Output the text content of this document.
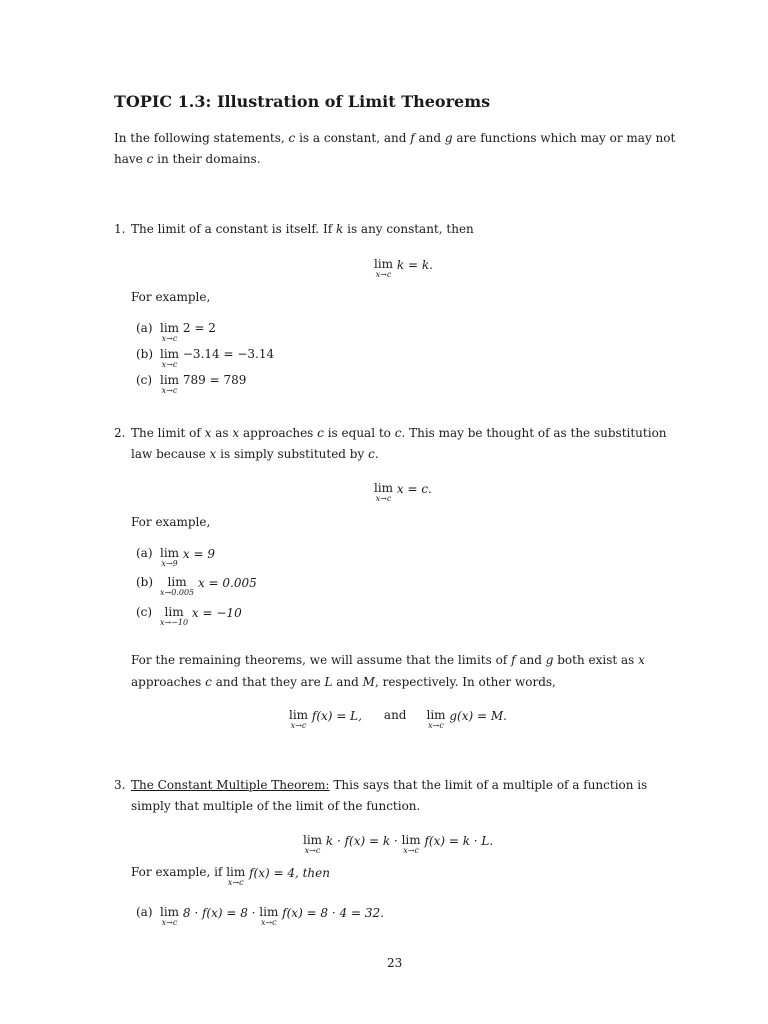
TOPIC 1.3: Illustration of Limit Theorems
In the following statements, c is a constant, and f and g are functions which may or may not
have c in their domains.
1. The limit of a constant is itself. If k is any constant, then
lim
x→c
k = k.
For example,
(a) lim
x→c
2 = 2
(b) lim
x→c
−3.14 = −3.14
(c) lim
x→c
789 = 789
2. The limit of x as x approaches c is equal to c. This may be thought of as the substitution
law because x is simply substituted by c.
lim
x→c
x = c.
For example,
(a) lim
x→9
x = 9
(b)	lim
x→0.005
x = 0.005
(c)	lim
x→−10
x = −10
For the remaining theorems, we will assume that the limits of f and g both exist as x
approaches c and that they are L and M, respectively. In other words,
lim
x→c
f(x) = L, and lim
x→c
g(x) = M.
3. The Constant Multiple Theorem: This says that the limit of a multiple of a function is
simply that multiple of the limit of the function.
lim
x→c
k · f(x) = k · lim
x→c
f(x) = k · L.
For example, if lim
x→c
f(x) = 4, then
(a) lim
x→c
8 · f(x) = 8 · lim
x→c
f(x) = 8 · 4 = 32.
23
